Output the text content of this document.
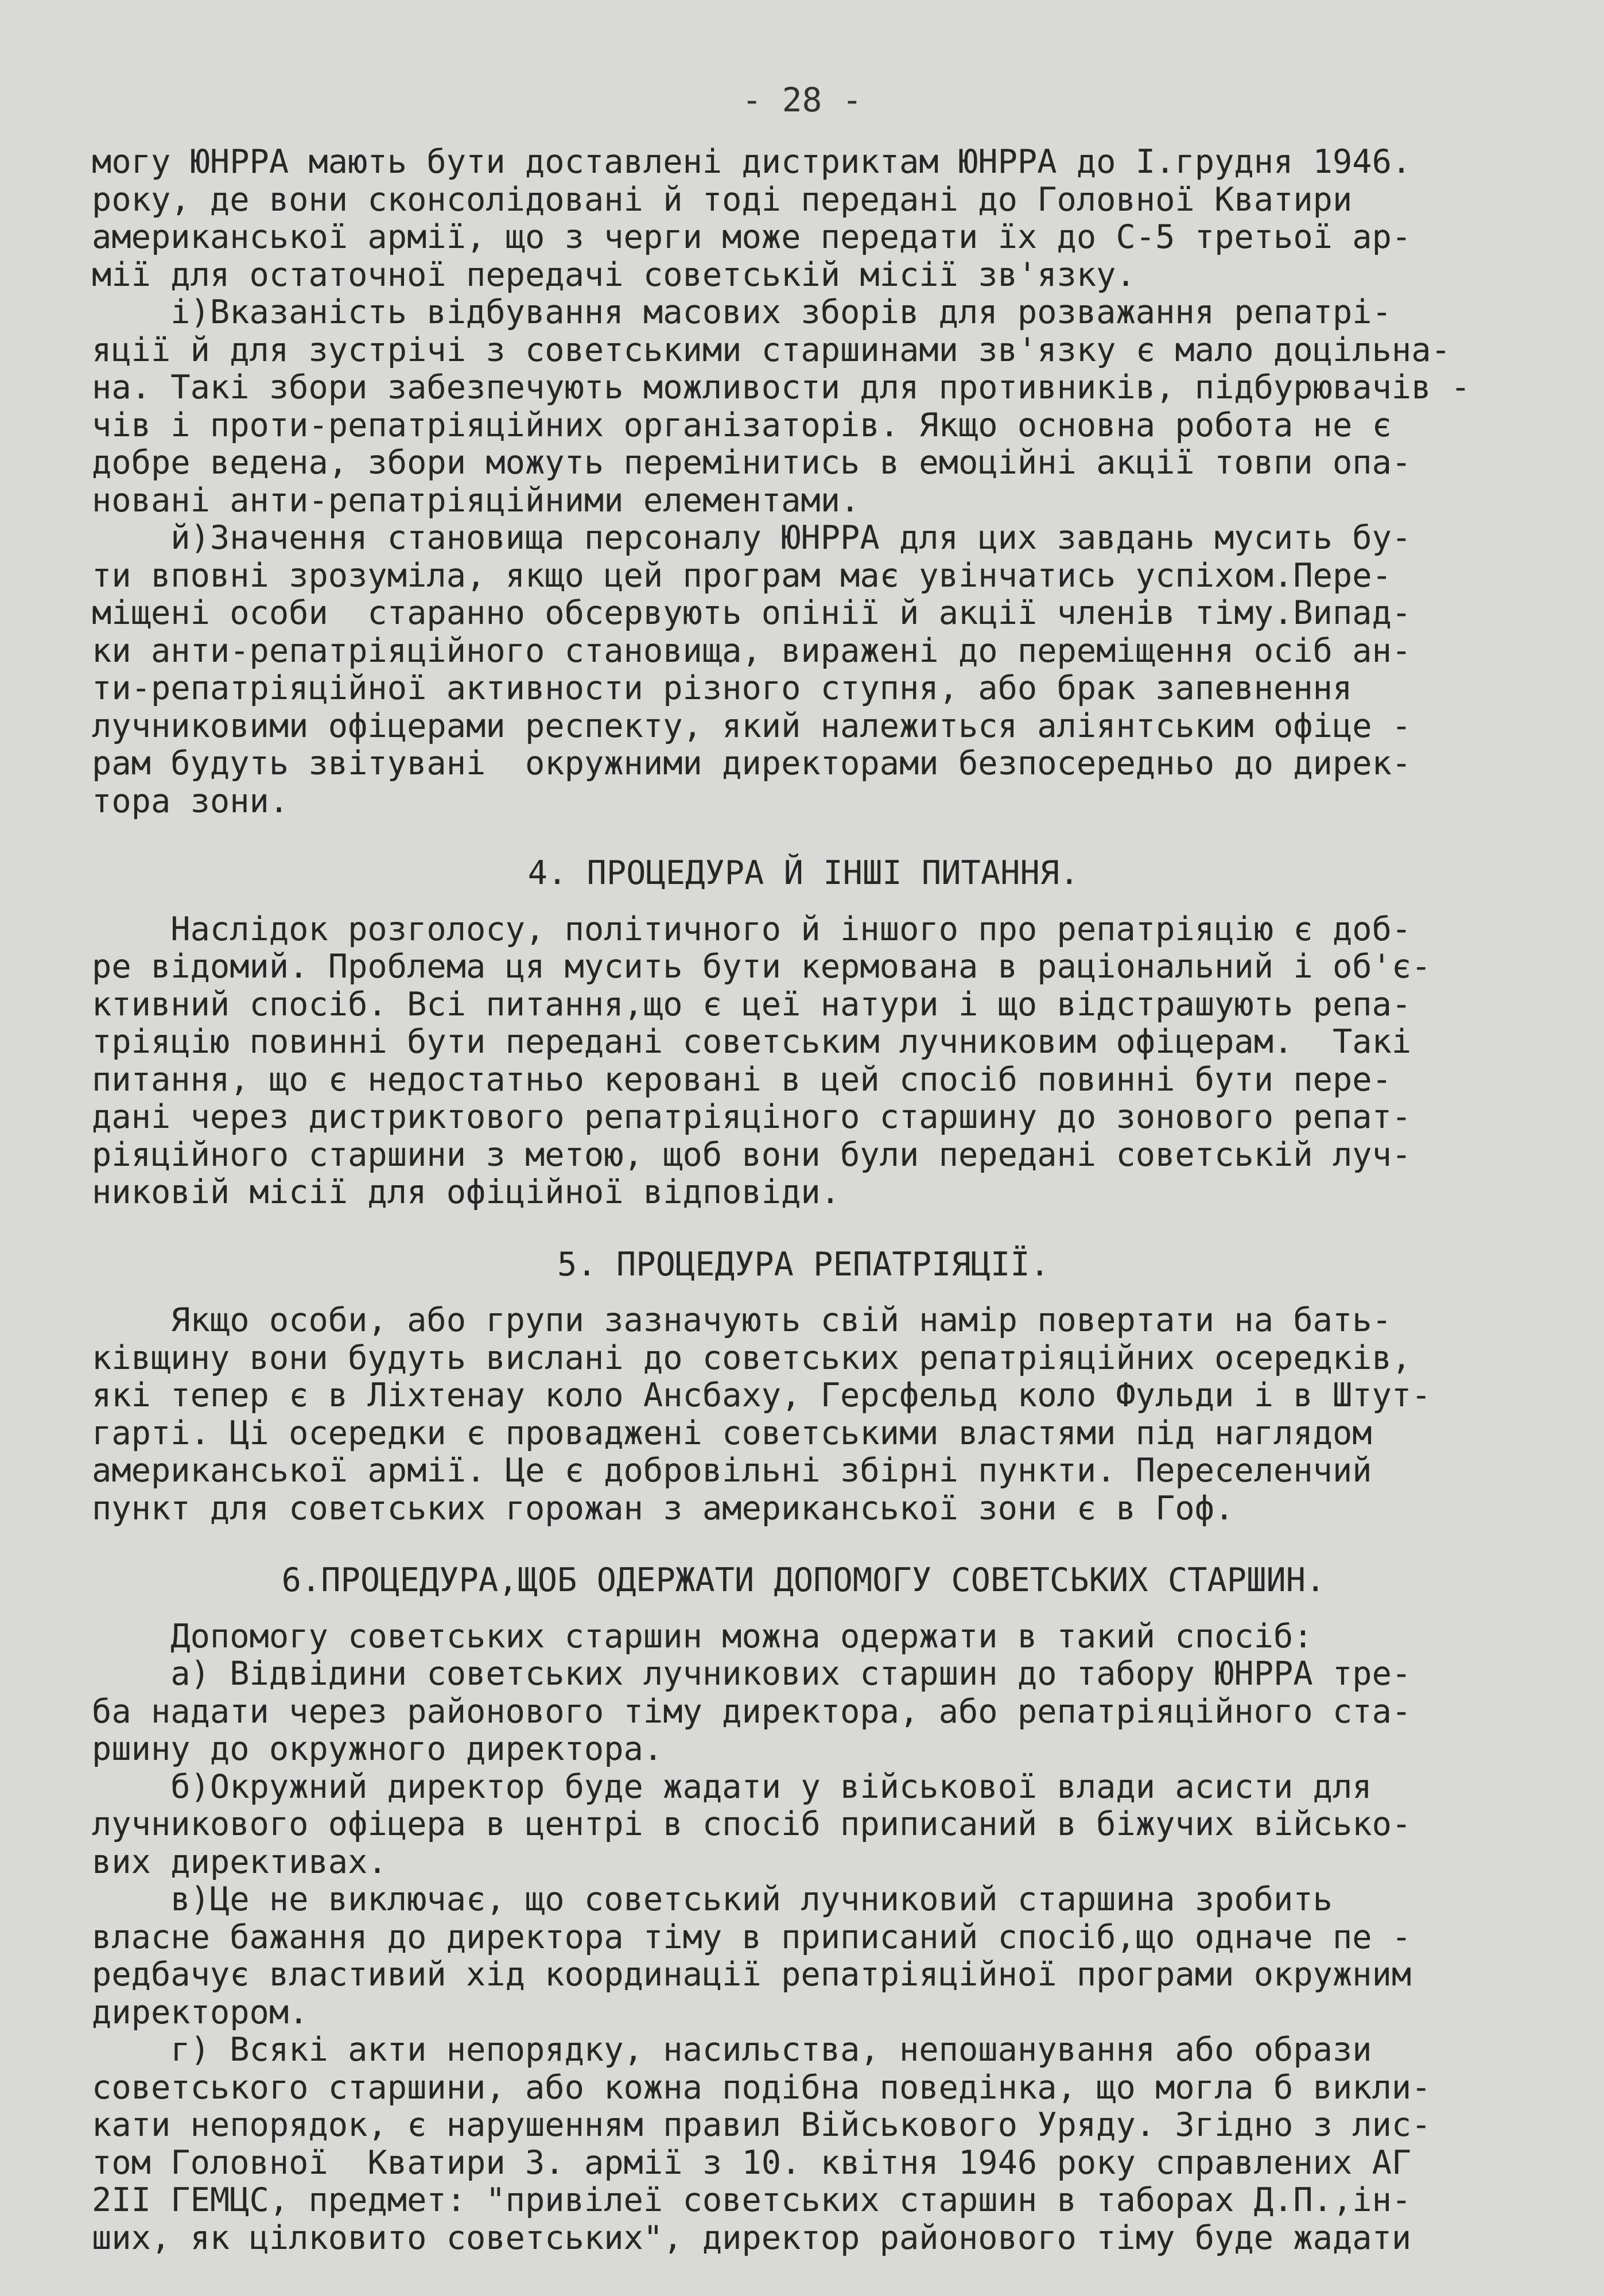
- 28 -
могу ЮНРРА мають бути доставлені дистриктам ЮНРРА до I.грудня 1946.
року, де вони сконсолідовані й тоді передані до Головної Кватири
американської армії, що з черги може передати їх до С-5 третьої ар-
мії для остаточної передачі советській місії зв'язку.
і)Вказаність відбування масових зборів для розважання репатрі-
яції й для зустрічі з советськими старшинами зв'язку є мало доцільна-
на. Такі збори забезпечують можливости для противників, підбурювачів -
чів і проти-репатріяційних організаторів. Якщо основна робота не є
добре ведена, збори можуть перемінитись в емоційні акції товпи опа-
новані анти-репатріяційними елементами.
й)Значення становища персоналу ЮНРРА для цих завдань мусить бу-
ти вповні зрозуміла, якщо цей програм має увінчатись успіхом.Пере-
міщені особи  старанно обсервують опінії й акції членів тіму.Випад-
ки анти-репатріяційного становища, виражені до переміщення осіб ан-
ти-репатріяційної активности різного ступня, або брак запевнення
лучниковими офіцерами респекту, який належиться аліянтським офіце -
рам будуть звітувані  окружними директорами безпосередньо до дирек-
тора зони.
4. ПРОЦЕДУРА Й ІНШІ ПИТАННЯ.
Наслідок розголосу, політичного й іншого про репатріяцію є доб-
ре відомий. Проблема ця мусить бути кермована в раціональний і об'є-
ктивний спосіб. Всі питання,що є цеї натури і що відстрашують репа-
тріяцію повинні бути передані советським лучниковим офіцерам.  Такі
питання, що є недостатньо керовані в цей спосіб повинні бути пере-
дані через дистриктового репатріяціного старшину до зонового репат-
ріяційного старшини з метою, щоб вони були передані советській луч-
никовій місії для офіційної відповіди.
5. ПРОЦЕДУРА РЕПАТРІЯЦІЇ.
Якщо особи, або групи зазначують свій намір повертати на бать-
ківщину вони будуть вислані до советських репатріяційних осередків,
які тепер є в Ліхтенау коло Ансбаху, Герсфельд коло Фульди і в Штут-
гарті. Ці осередки є проваджені советськими властями під наглядом
американської армії. Це є добровільні збірні пункти. Переселенчий
пункт для советських горожан з американської зони є в Гоф.
6.ПРОЦЕДУРА,ЩОБ ОДЕРЖАТИ ДОПОМОГУ СОВЕТСЬКИХ СТАРШИН.
Допомогу советських старшин можна одержати в такий спосіб:
а) Відвідини советських лучникових старшин до табору ЮНРРА тре-
ба надати через районового тіму директора, або репатріяційного ста-
ршину до окружного директора.
б)Окружний директор буде жадати у військової влади асисти для
лучникового офіцера в центрі в спосіб приписаний в біжучих військо-
вих директивах.
в)Це не виключає, що советський лучниковий старшина зробить
власне бажання до директора тіму в приписаний спосіб,що одначе пе -
редбачує властивий хід координації репатріяційної програми окружним
директором.
г) Всякі акти непорядку, насильства, непошанування або образи
советського старшини, або кожна подібна поведінка, що могла б викли-
кати непорядок, є нарушенням правил Військового Уряду. Згідно з лис-
том Головної  Кватири 3. армії з 10. квітня 1946 року справлених АГ
2II ГЕМЦС, предмет: "привілеї советських старшин в таборах Д.П.,ін-
ших, як цілковито советських", директор районового тіму буде жадати
